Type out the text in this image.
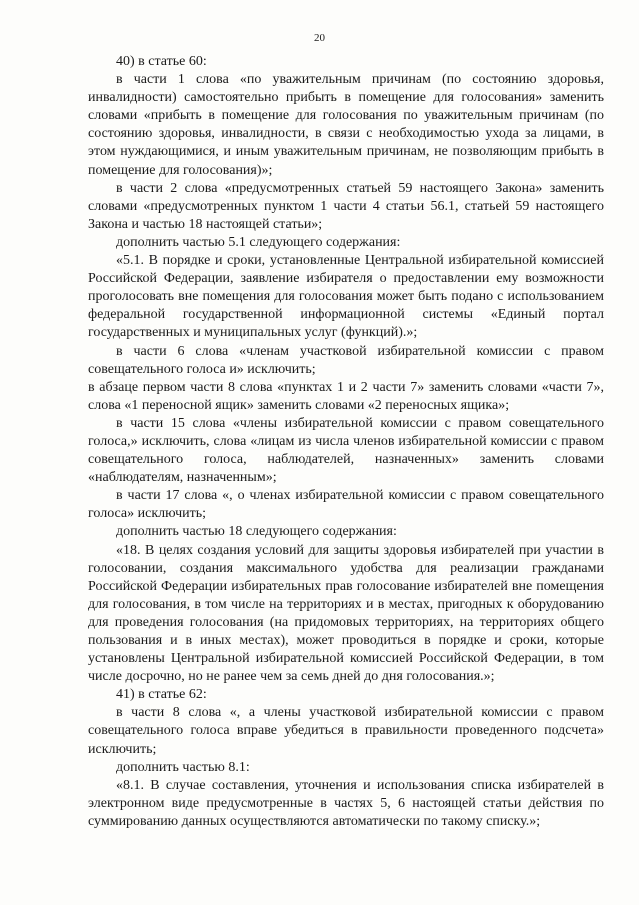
20

40) в статье 60:

в части 1 слова «по уважительным причинам (по состоянию здоровья, инвалидности) самостоятельно прибыть в помещение для голосования» заменить словами «прибыть в помещение для голосования по уважительным причинам (по состоянию здоровья, инвалидности, в связи с необходимостью ухода за лицами, в этом нуждающимися, и иным уважительным причинам, не позволяющим прибыть в помещение для голосования)»;

в части 2 слова «предусмотренных статьей 59 настоящего Закона» заменить словами «предусмотренных пунктом 1 части 4 статьи 56.1, статьей 59 настоящего Закона и частью 18 настоящей статьи»;

дополнить частью 5.1 следующего содержания:

«5.1. В порядке и сроки, установленные Центральной избирательной комиссией Российской Федерации, заявление избирателя о предоставлении ему возможности проголосовать вне помещения для голосования может быть подано с использованием федеральной государственной информационной системы «Единый портал государственных и муниципальных услуг (функций).»;

в части 6 слова «членам участковой избирательной комиссии с правом совещательного голоса и» исключить;

в абзаце первом части 8 слова «пунктах 1 и 2 части 7» заменить словами «части 7», слова «1 переносной ящик» заменить словами «2 переносных ящика»;

в части 15 слова «члены избирательной комиссии с правом совещательного голоса,» исключить, слова «лицам из числа членов избирательной комиссии с правом совещательного голоса, наблюдателей, назначенных» заменить словами «наблюдателям, назначенным»;

в части 17 слова «, о членах избирательной комиссии с правом совещательного голоса» исключить;

дополнить частью 18 следующего содержания:

«18. В целях создания условий для защиты здоровья избирателей при участии в голосовании, создания максимального удобства для реализации гражданами Российской Федерации избирательных прав голосование избирателей вне помещения для голосования, в том числе на территориях и в местах, пригодных к оборудованию для проведения голосования (на придомовых территориях, на территориях общего пользования и в иных местах), может проводиться в порядке и сроки, которые установлены Центральной избирательной комиссией Российской Федерации, в том числе досрочно, но не ранее чем за семь дней до дня голосования.»;

41) в статье 62:

в части 8 слова «, а члены участковой избирательной комиссии с правом совещательного голоса вправе убедиться в правильности проведенного подсчета» исключить;

дополнить частью 8.1:

«8.1. В случае составления, уточнения и использования списка избирателей в электронном виде предусмотренные в частях 5, 6 настоящей статьи действия по суммированию данных осуществляются автоматически по такому списку.»;
